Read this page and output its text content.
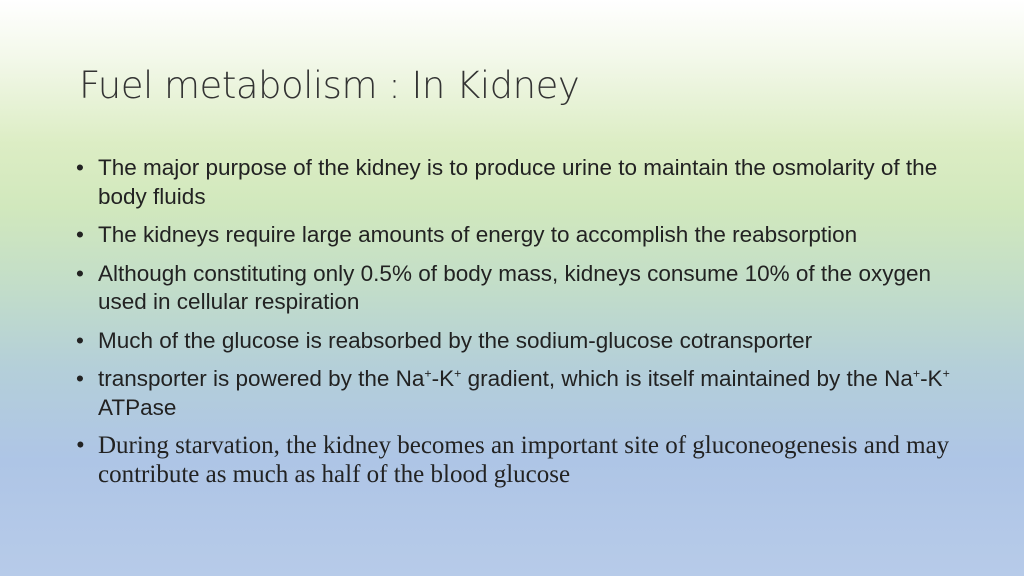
Fuel metabolism : In Kidney
• The major purpose of the kidney is to produce urine to maintain the osmolarity of the body fluids
• The kidneys require large amounts of energy to accomplish the reabsorption
• Although constituting only 0.5% of body mass, kidneys consume 10% of the oxygen used in cellular respiration
• Much of the glucose is reabsorbed by the sodium-glucose cotransporter
• transporter is powered by the Na+-K+ gradient, which is itself maintained by the Na+-K+ ATPase
• During starvation, the kidney becomes an important site of gluconeogenesis and may contribute as much as half of the blood glucose
